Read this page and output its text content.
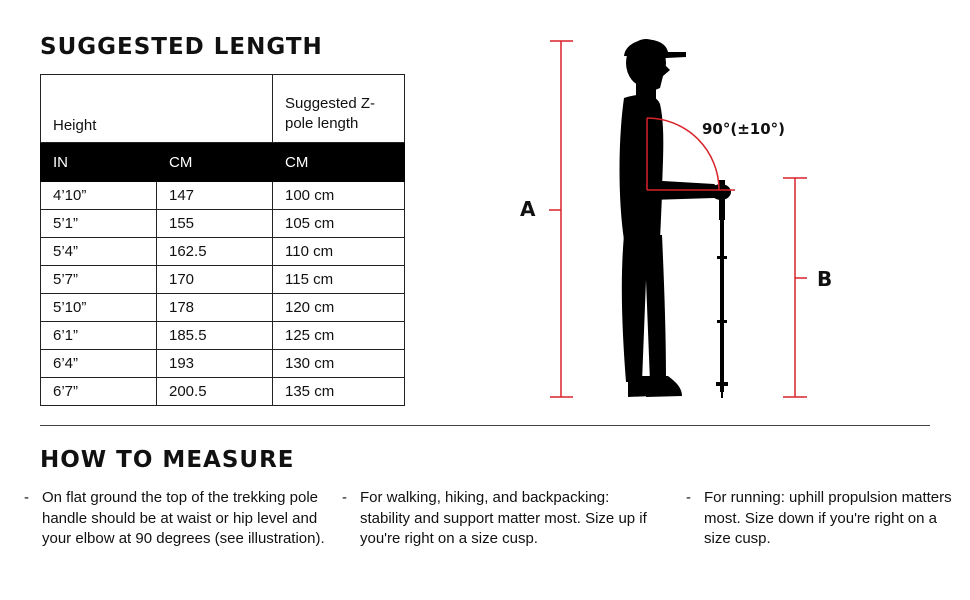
SUGGESTED LENGTH
Height		Suggested Z-pole length
IN	CM	CM
4’10”	147	100 cm
5’1”	155	105 cm
5’4”	162.5	110 cm
5’7”	170	115 cm
5’10”	178	120 cm
6’1”	185.5	125 cm
6’4”	193	130 cm
6’7”	200.5	135 cm
90°(±10°)
A
B
HOW TO MEASURE
- On flat ground the top of the trekking pole handle should be at waist or hip level and your elbow at 90 degrees (see illustration).
- For walking, hiking, and backpacking: stability and support matter most. Size up if you're right on a size cusp.
- For running: uphill propulsion matters most. Size down if you're right on a size cusp.
